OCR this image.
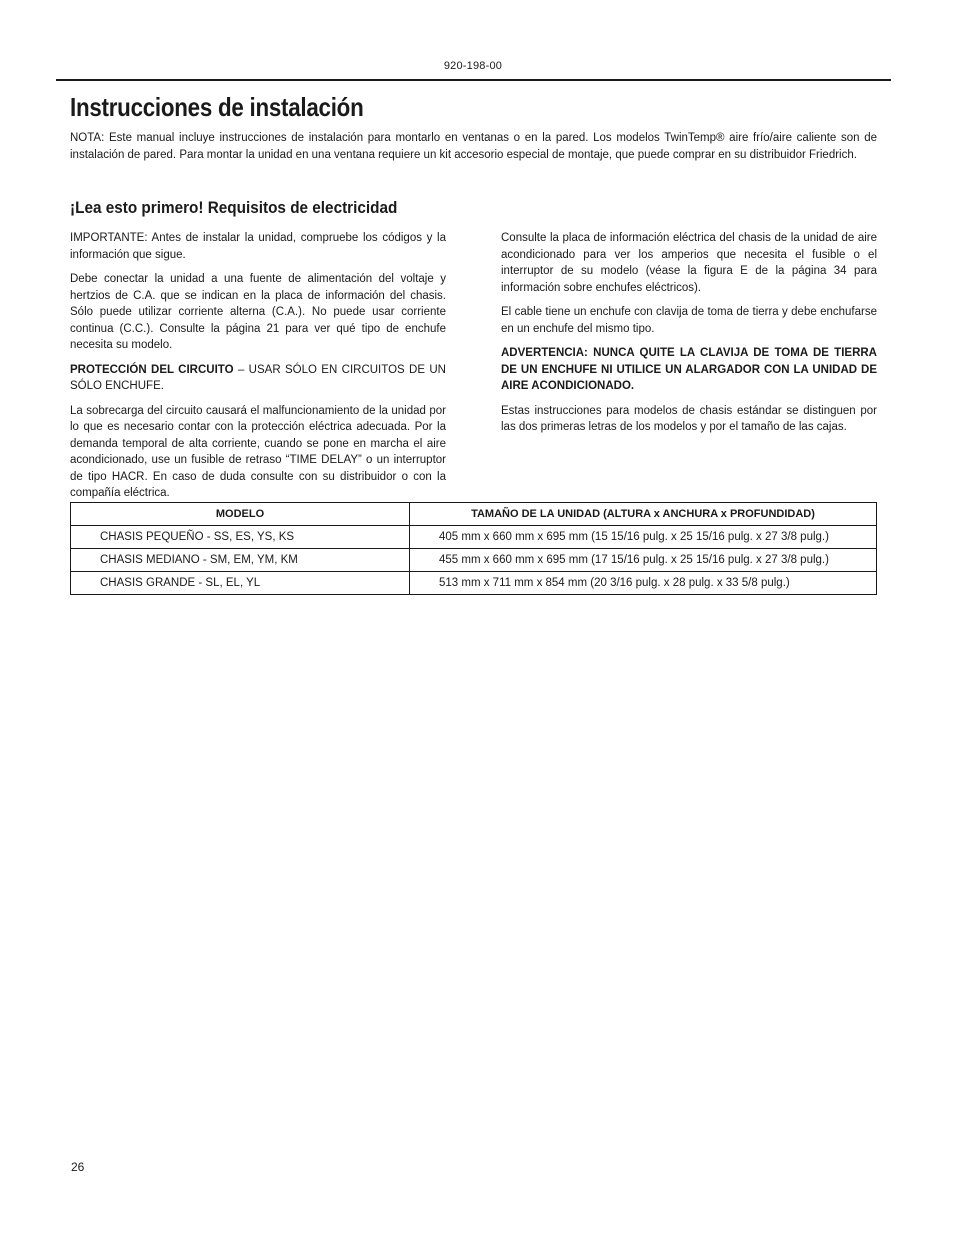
920-198-00
Instrucciones de instalación

NOTA: Este manual incluye instrucciones de instalación para montarlo en ventanas o en la pared. Los modelos TwinTemp® aire frío/aire caliente son de instalación de pared. Para montar la unidad en una ventana requiere un kit accesorio especial de montaje, que puede comprar en su distribuidor Friedrich.

¡Lea esto primero! Requisitos de electricidad

IMPORTANTE: Antes de instalar la unidad, compruebe los códigos y la información que sigue.

Debe conectar la unidad a una fuente de alimentación del voltaje y hertzios de C.A. que se indican en la placa de información del chasis. Sólo puede utilizar corriente alterna (C.A.). No puede usar corriente continua (C.C.). Consulte la página 21 para ver qué tipo de enchufe necesita su modelo.

PROTECCIÓN DEL CIRCUITO – USAR SÓLO EN CIRCUITOS DE UN SÓLO ENCHUFE.

La sobrecarga del circuito causará el malfuncionamiento de la unidad por lo que es necesario contar con la protección eléctrica adecuada. Por la demanda temporal de alta corriente, cuando se pone en marcha el aire acondicionado, use un fusible de retraso “TIME DELAY” o un interruptor de tipo HACR. En caso de duda consulte con su distribuidor o con la compañía eléctrica.

Consulte la placa de información eléctrica del chasis de la unidad de aire acondicionado para ver los amperios que necesita el fusible o el interruptor de su modelo (véase la figura E de la página 34 para información sobre enchufes eléctricos).

El cable tiene un enchufe con clavija de toma de tierra y debe enchufarse en un enchufe del mismo tipo.

ADVERTENCIA: NUNCA QUITE LA CLAVIJA DE TOMA DE TIERRA DE UN ENCHUFE NI UTILICE UN ALARGADOR CON LA UNIDAD DE AIRE ACONDICIONADO.

Estas instrucciones para modelos de chasis estándar se distinguen por las dos primeras letras de los modelos y por el tamaño de las cajas.

MODELO	TAMAÑO DE LA UNIDAD (ALTURA x ANCHURA x PROFUNDIDAD)
CHASIS PEQUEÑO - SS, ES, YS, KS	405 mm x 660 mm x 695 mm (15 15/16 pulg. x 25 15/16 pulg. x 27 3/8 pulg.)
CHASIS MEDIANO - SM, EM, YM, KM	455 mm x 660 mm x 695 mm (17 15/16 pulg. x 25 15/16 pulg. x 27 3/8 pulg.)
CHASIS GRANDE - SL, EL, YL	513 mm x 711 mm x 854 mm (20 3/16 pulg. x 28 pulg. x 33 5/8 pulg.)
26
